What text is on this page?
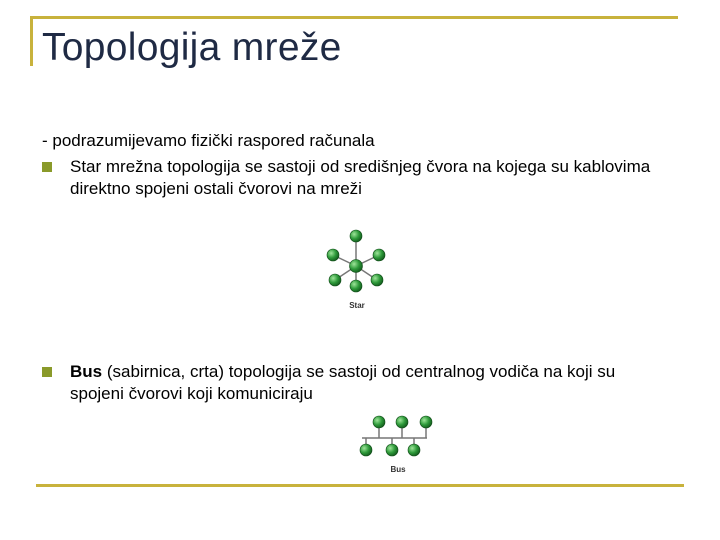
Topologija mreže
- podrazumijevamo fizički raspored računala
Star mrežna topologija se sastoji od središnjeg čvora na kojega su kablovima direktno spojeni ostali čvorovi na mreži
Star
Bus (sabirnica, crta) topologija se sastoji od centralnog vodiča na koji su spojeni čvorovi koji komuniciraju
Bus
